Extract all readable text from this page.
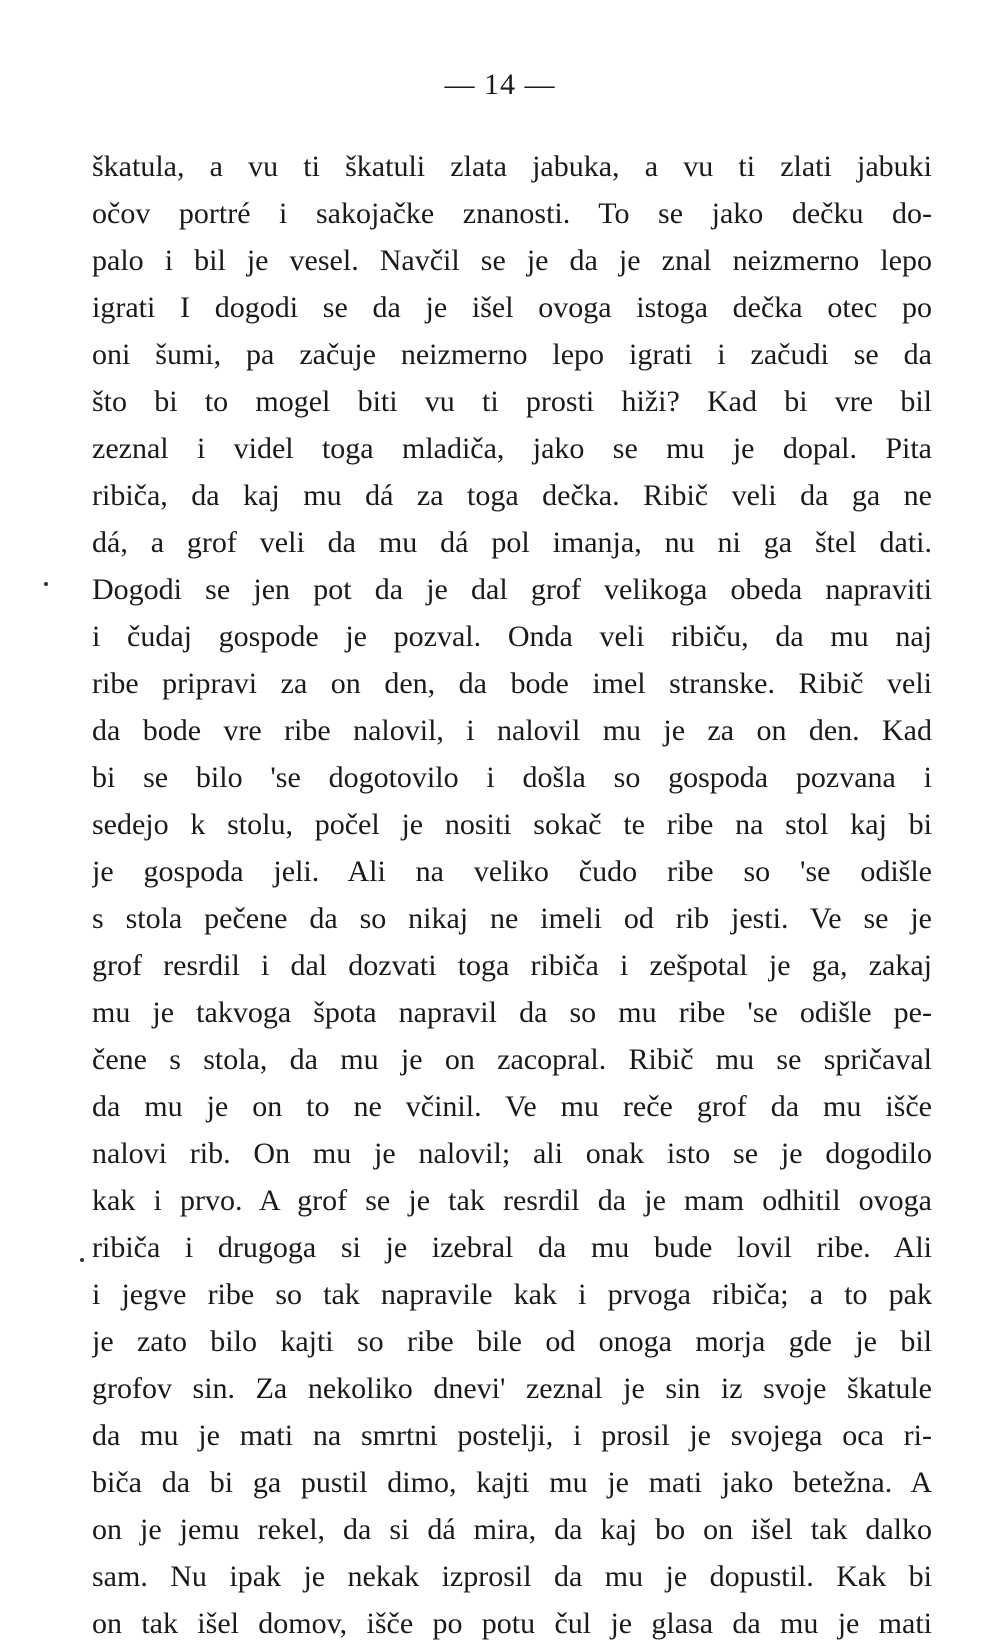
— 14 —
škatula, a vu ti škatuli zlata jabuka, a vu ti zlati jabuki
očov portré i sakojačke znanosti. To se jako dečku do-
palo i bil je vesel. Navčil se je da je znal neizmerno lepo
igrati I dogodi se da je išel ovoga istoga dečka otec po
oni šumi, pa začuje neizmerno lepo igrati i začudi se da
što bi to mogel biti vu ti prosti hiži? Kad bi vre bil
zeznal i videl toga mladiča, jako se mu je dopal. Pita
ribiča, da kaj mu dá za toga dečka. Ribič veli da ga ne
dá, a grof veli da mu dá pol imanja, nu ni ga štel dati.
Dogodi se jen pot da je dal grof velikoga obeda napraviti
i čudaj gospode je pozval. Onda veli ribiču, da mu naj
ribe pripravi za on den, da bode imel stranske. Ribič veli
da bode vre ribe nalovil, i nalovil mu je za on den. Kad
bi se bilo 'se dogotovilo i došla so gospoda pozvana i
sedejo k stolu, počel je nositi sokač te ribe na stol kaj bi
je gospoda jeli. Ali na veliko čudo ribe so 'se odišle
s stola pečene da so nikaj ne imeli od rib jesti. Ve se je
grof resrdil i dal dozvati toga ribiča i zešpotal je ga, zakaj
mu je takvoga špota napravil da so mu ribe 'se odišle pe-
čene s stola, da mu je on zacopral. Ribič mu se spričaval
da mu je on to ne včinil. Ve mu reče grof da mu išče
nalovi rib. On mu je nalovil; ali onak isto se je dogodilo
kak i prvo. A grof se je tak resrdil da je mam odhitil ovoga
ribiča i drugoga si je izebral da mu bude lovil ribe. Ali
i jegve ribe so tak napravile kak i prvoga ribiča; a to pak
je zato bilo kajti so ribe bile od onoga morja gde je bil
grofov sin. Za nekoliko dnevi' zeznal je sin iz svoje škatule
da mu je mati na smrtni postelji, i prosil je svojega oca ri-
biča da bi ga pustil dimo, kajti mu je mati jako betežna. A
on je jemu rekel, da si dá mira, da kaj bo on išel tak dalko
sam. Nu ipak je nekak izprosil da mu je dopustil. Kak bi
on tak išel domov, išče po potu čul je glasa da mu je mati
